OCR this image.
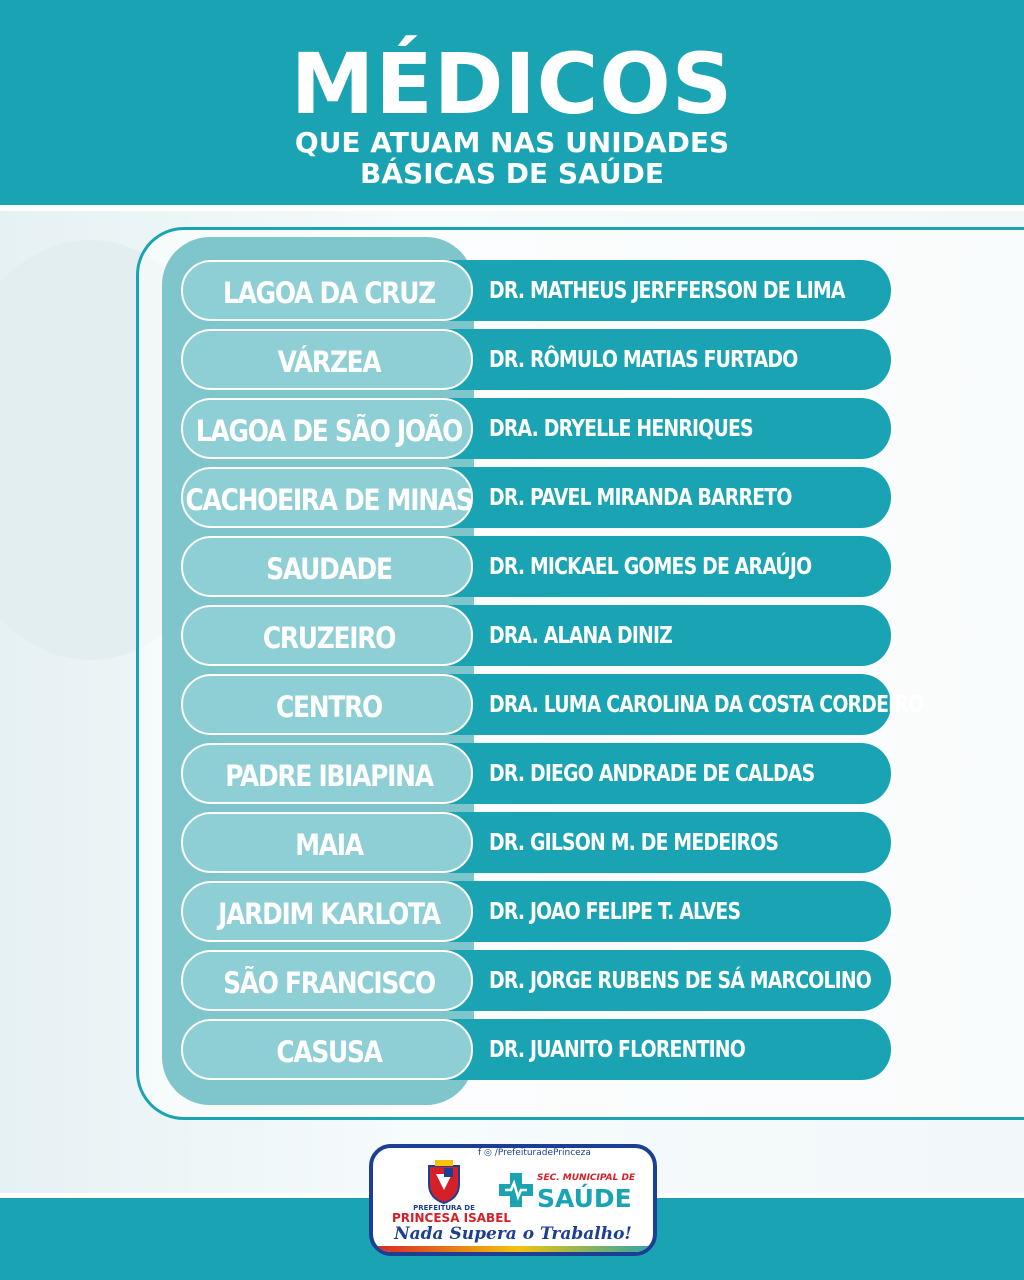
MÉDICOS
QUE ATUAM NAS UNIDADES
BÁSICAS DE SAÚDE
DR. MATHEUS JERFFERSON DE LIMA
LAGOA DA CRUZ
DR. RÔMULO MATIAS FURTADO
VÁRZEA
DRA. DRYELLE HENRIQUES
LAGOA DE SÃO JOÃO
DR. PAVEL MIRANDA BARRETO
CACHOEIRA DE MINAS
DR. MICKAEL GOMES DE ARAÚJO
SAUDADE
DRA. ALANA DINIZ
CRUZEIRO
DRA. LUMA CAROLINA DA COSTA CORDEIRO
CENTRO
DR. DIEGO ANDRADE DE CALDAS
PADRE IBIAPINA
DR. GILSON M. DE MEDEIROS
MAIA
DR. JOAO FELIPE T. ALVES
JARDIM KARLOTA
DR. JORGE RUBENS DE SÁ MARCOLINO
SÃO FRANCISCO
DR. JUANITO FLORENTINO
CASUSA
f ◎ /PrefeituradePrinceza
PREFEITURA DE
PRINCESA ISABEL
Nada Supera o Trabalho!
SEC. MUNICIPAL DE
SAÚDE
